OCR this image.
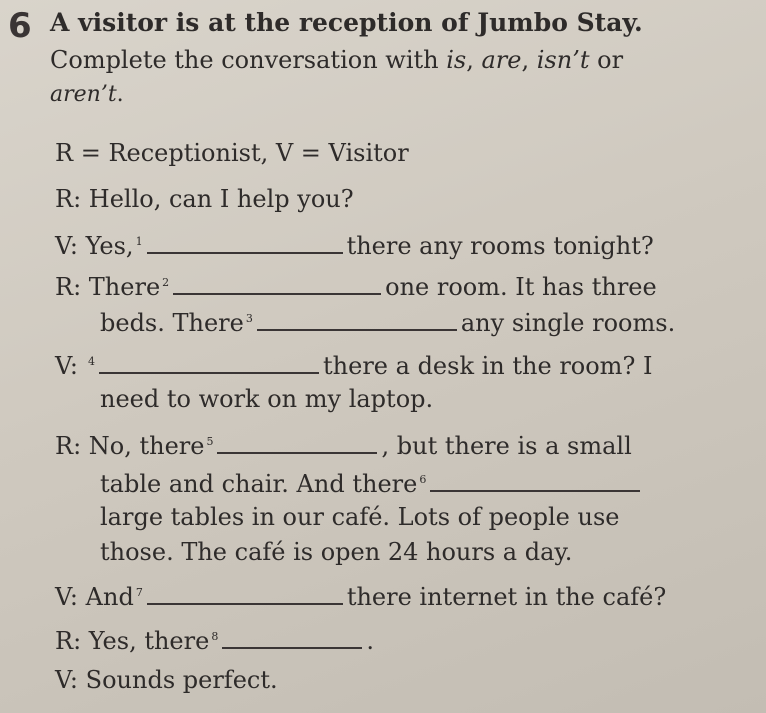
6 A visitor is at the reception of Jumbo Stay.
Complete the conversation with is, are, isn’t or
aren’t.
R = Receptionist, V = Visitor
R: Hello, can I help you?
V: Yes, $^1$	there any rooms tonight?
R: There $^2$	one room. It has three
beds. There $^3$	any single rooms.
V: $^4$	there a desk in the room? I
need to work on my laptop.
R: No, there $^5$	, but there is a small
table and chair. And there $^6$
large tables in our café. Lots of people use
those. The café is open 24 hours a day.
V: And $^7$	there internet in the café?
R: Yes, there $^8$	.
V: Sounds perfect.
